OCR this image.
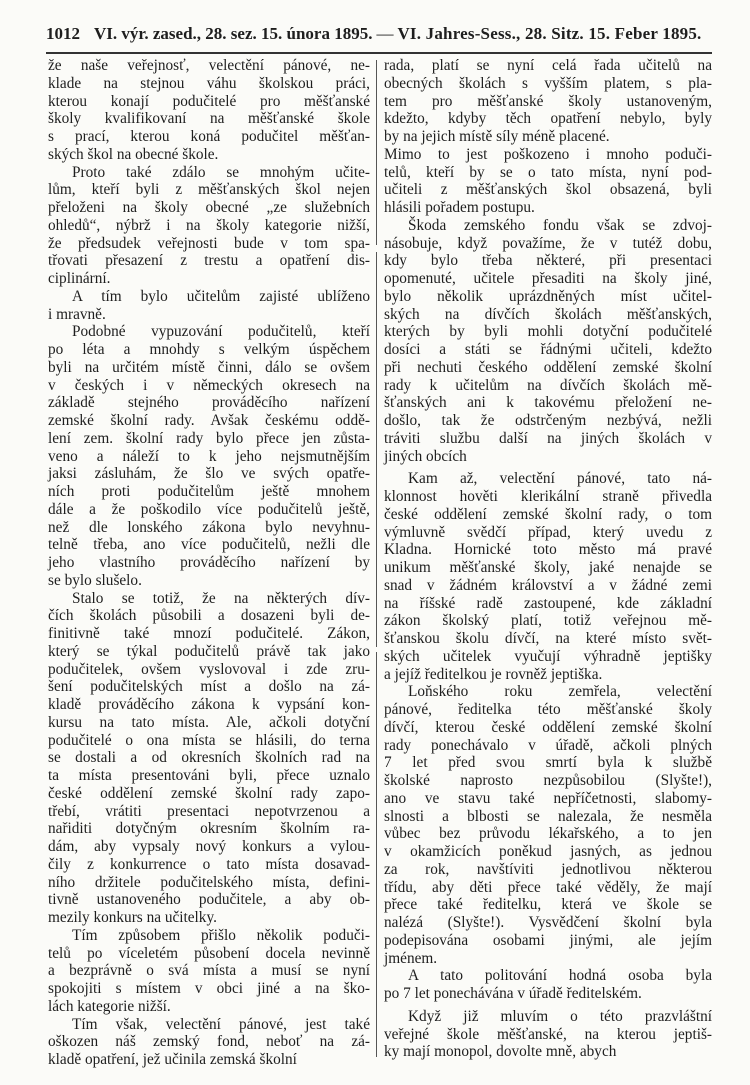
1012 VI. výr. zased., 28. sez. 15. února 1895. — VI. Jahres-Sess., 28. Sitz. 15. Feber 1895.
že naše veřejnosť, velectění pánové, ne-
klade na stejnou váhu školskou práci,
kterou konají podučitelé pro měšťanské
školy kvalifikovaní na měšťanské škole
s prací, kterou koná podučitel měšťan-
ských škol na obecné škole.
Proto také zdálo se mnohým učite-
lům, kteří byli z měšťanských škol nejen
přeloženi na školy obecné „ze služebních
ohledů“, nýbrž i na školy kategorie nižší,
že předsudek veřejnosti bude v tom spa-
třovati přesazení z trestu a opatření dis-
ciplinární.
A tím bylo učitelům zajisté ublíženo
i mravně.
Podobné vypuzování podučitelů, kteří
po léta a mnohdy s velkým úspěchem
byli na určitém místě činni, dálo se ovšem
v českých i v německých okresech na
základě stejného prováděcího nařízení
zemské školní rady. Avšak českému oddě-
lení zem. školní rady bylo přece jen zůsta-
veno a náleží to k jeho nejsmutnějším
jaksi zásluhám, že šlo ve svých opatře-
ních proti podučitelům ještě mnohem
dále a že poškodilo více podučitelů ještě,
než dle lonského zákona bylo nevyhnu-
telně třeba, ano více podučitelů, nežli dle
jeho vlastního prováděcího nařízení by
se bylo slušelo.
Stalo se totiž, že na některých dív-
čích školách působili a dosazeni byli de-
finitivně také mnozí podučitelé. Zákon,
který se týkal podučitelů právě tak jako
podučitelek, ovšem vyslovoval i zde zru-
šení podučitelských míst a došlo na zá-
kladě prováděcího zákona k vypsání kon-
kursu na tato místa. Ale, ačkoli dotyční
podučitelé o ona místa se hlásili, do terna
se dostali a od okresních školních rad na
ta místa presentováni byli, přece uznalo
české oddělení zemské školní rady zapo-
třebí, vrátiti presentaci nepotvrzenou a
nařiditi dotyčným okresním školním ra-
dám, aby vypsaly nový konkurs a vylou-
čily z konkurrence o tato místa dosavad-
ního držitele podučitelského místa, defini-
tivně ustanoveného podučitele, a aby ob-
mezily konkurs na učitelky.
Tím způsobem přišlo několik poduči-
telů po víceletém působení docela nevinně
a bezprávně o svá místa a musí se nyní
spokojiti s místem v obci jiné a na ško-
lách kategorie nižší.
Tím však, velectění pánové, jest také
oškozen náš zemský fond, neboť na zá-
kladě opatření, jež učinila zemská školní
rada, platí se nyní celá řada učitelů na
obecných školách s vyšším platem, s pla-
tem pro měšťanské školy ustanoveným,
kdežto, kdyby těch opatření nebylo, byly
by na jejich místě síly méně placené.
Mimo to jest poškozeno i mnoho poduči-
telů, kteří by se o tato místa, nyní pod-
učiteli z měšťanských škol obsazená, byli
hlásili pořadem postupu.
Škoda zemského fondu však se zdvoj-
násobuje, když považíme, že v tutéž dobu,
kdy bylo třeba některé, při presentaci
opomenuté, učitele přesaditi na školy jiné,
bylo několik uprázdněných míst učitel-
ských na dívčích školách měšťanských,
kterých by byli mohli dotyční podučitelé
dosíci a státi se řádnými učiteli, kdežto
při nechuti českého oddělení zemské školní
rady k učitelům na dívčích školách mě-
šťanských ani k takovému přeložení ne-
došlo, tak že odstrčeným nezbývá, nežli
tráviti službu další na jiných školách v
jiných obcích
Kam až, velectění pánové, tato ná-
klonnost hověti klerikální straně přivedla
české oddělení zemské školní rady, o tom
výmluvně svědčí případ, který uvedu z
Kladna. Hornické toto město má pravé
unikum měšťanské školy, jaké nenajde se
snad v žádném království a v žádné zemi
na říšské radě zastoupené, kde základní
zákon školský platí, totiž veřejnou mě-
šťanskou školu dívčí, na které místo svět-
ských učitelek vyučují výhradně jeptišky
a jejíž ředitelkou je rovněž jeptiška.
Loňského roku zemřela, velectění
pánové, ředitelka této měšťanské školy
dívčí, kterou české oddělení zemské školní
rady ponechávalo v úřadě, ačkoli plných
7 let před svou smrtí byla k službě
školské naprosto nezpůsobilou (Slyšte!),
ano ve stavu také nepříčetnosti, slabomy-
slnosti a blbosti se nalezala, že nesměla
vůbec bez průvodu lékařského, a to jen
v okamžicích poněkud jasných, as jednou
za rok, navštíviti jednotlivou některou
třídu, aby děti přece také věděly, že mají
přece také ředitelku, která ve škole se
nalézá (Slyšte!). Vysvědčení školní byla
podepisována osobami jinými, ale jejím
jménem.
A tato politování hodná osoba byla
po 7 let ponechávána v úřadě ředitelském.
Když již mluvím o této prazvláštní
veřejné škole měšťanské, na kterou jeptiš-
ky mají monopol, dovolte mně, abych
